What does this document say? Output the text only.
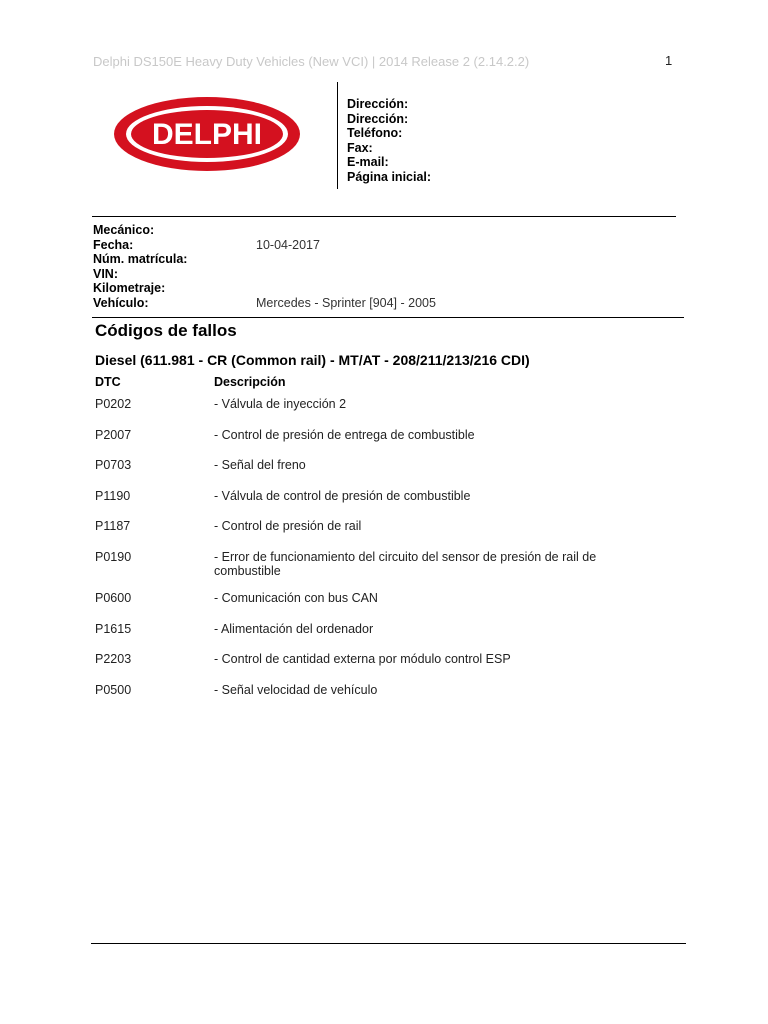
Delphi DS150E Heavy Duty Vehicles (New VCI) | 2014 Release 2 (2.14.2.2)	1
DELPHI
Dirección:
Dirección:
Teléfono:
Fax:
E-mail:
Página inicial:
Mecánico:
Fecha:	10-04-2017
Núm. matrícula:
VIN:
Kilometraje:
Vehículo:	Mercedes - Sprinter [904] - 2005
Códigos de fallos
Diesel (611.981 - CR (Common rail) - MT/AT - 208/211/213/216 CDI)
DTC	Descripción
P0202	- Válvula de inyección 2
P2007	- Control de presión de entrega de combustible
P0703	- Señal del freno
P1190	- Válvula de control de presión de combustible
P1187	- Control de presión de rail
P0190	- Error de funcionamiento del circuito del sensor de presión de rail de combustible
P0600	- Comunicación con bus CAN
P1615	- Alimentación del ordenador
P2203	- Control de cantidad externa por módulo control ESP
P0500	- Señal velocidad de vehículo
